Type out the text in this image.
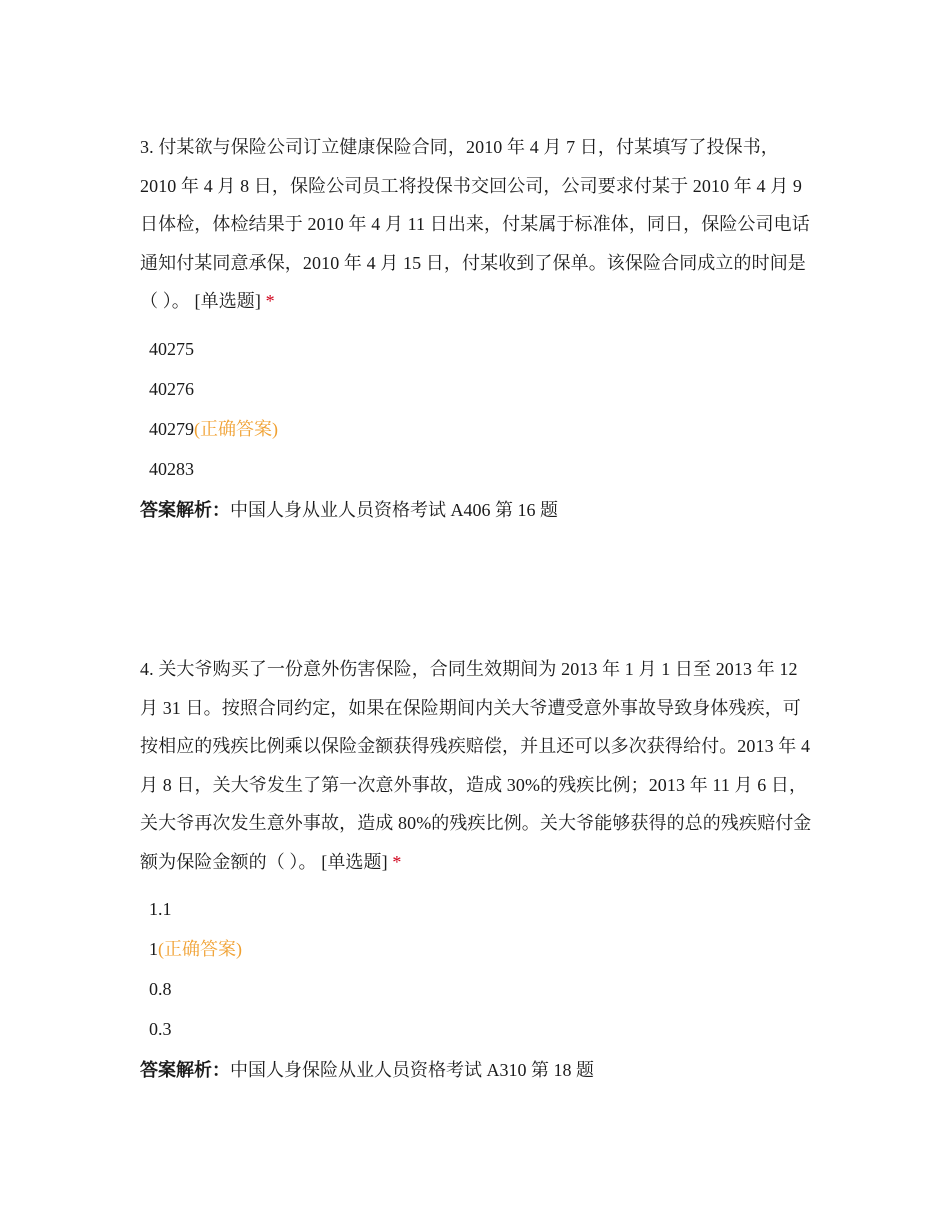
3. 付某欲与保险公司订立健康保险合同，2010 年 4 月 7 日，付某填写了投保书，2010 年 4 月 8 日，保险公司员工将投保书交回公司，公司要求付某于 2010 年 4 月 9 日体检，体检结果于 2010 年 4 月 11 日出来，付某属于标准体，同日，保险公司电话通知付某同意承保，2010 年 4 月 15 日，付某收到了保单。该保险合同成立的时间是（ ）。 [单选题] *

40275
40276
40279(正确答案)
40283
答案解析：中国人身从业人员资格考试 A406 第 16 题

4. 关大爷购买了一份意外伤害保险，合同生效期间为 2013 年 1 月 1 日至 2013 年 12 月 31 日。按照合同约定，如果在保险期间内关大爷遭受意外事故导致身体残疾，可按相应的残疾比例乘以保险金额获得残疾赔偿，并且还可以多次获得给付。2013 年 4 月 8 日，关大爷发生了第一次意外事故，造成 30%的残疾比例；2013 年 11 月 6 日，关大爷再次发生意外事故，造成 80%的残疾比例。关大爷能够获得的总的残疾赔付金额为保险金额的（ ）。 [单选题] *

1.1
1(正确答案)
0.8
0.3
答案解析：中国人身保险从业人员资格考试 A310 第 18 题
